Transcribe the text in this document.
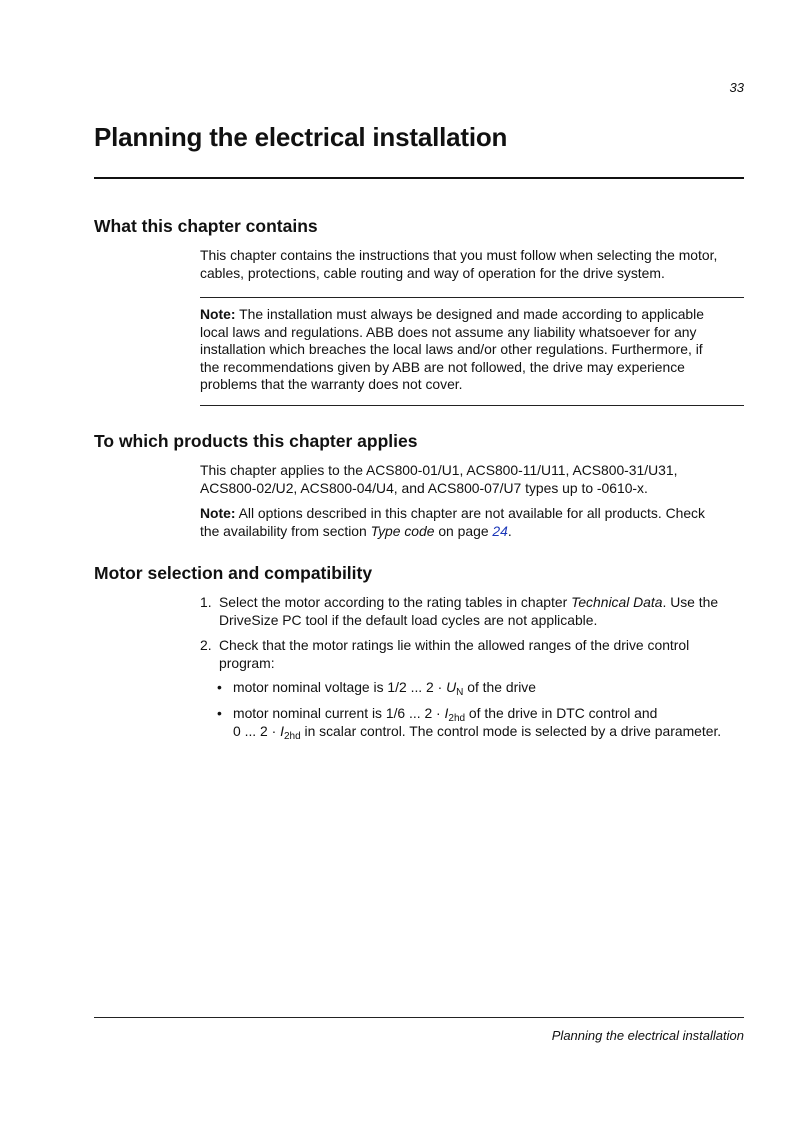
33
Planning the electrical installation
What this chapter contains

This chapter contains the instructions that you must follow when selecting the motor,
cables, protections, cable routing and way of operation for the drive system.

Note: The installation must always be designed and made according to applicable
local laws and regulations. ABB does not assume any liability whatsoever for any
installation which breaches the local laws and/or other regulations. Furthermore, if
the recommendations given by ABB are not followed, the drive may experience
problems that the warranty does not cover.

To which products this chapter applies

This chapter applies to the ACS800-01/U1, ACS800-11/U11, ACS800-31/U31,
ACS800-02/U2, ACS800-04/U4, and ACS800-07/U7 types up to -0610-x.

Note: All options described in this chapter are not available for all products. Check
the availability from section Type code on page 24.

Motor selection and compatibility
1. Select the motor according to the rating tables in chapter Technical Data. Use the
DriveSize PC tool if the default load cycles are not applicable.
2. Check that the motor ratings lie within the allowed ranges of the drive control
program:
• motor nominal voltage is 1/2 ... $2 \cdot U_N$ of the drive
• motor nominal current is 1/6 ... $2 \cdot I_{2hd}$ of the drive in DTC control and
0 ... $2 \cdot I_{2hd}$ in scalar control. The control mode is selected by a drive parameter.
Planning the electrical installation
